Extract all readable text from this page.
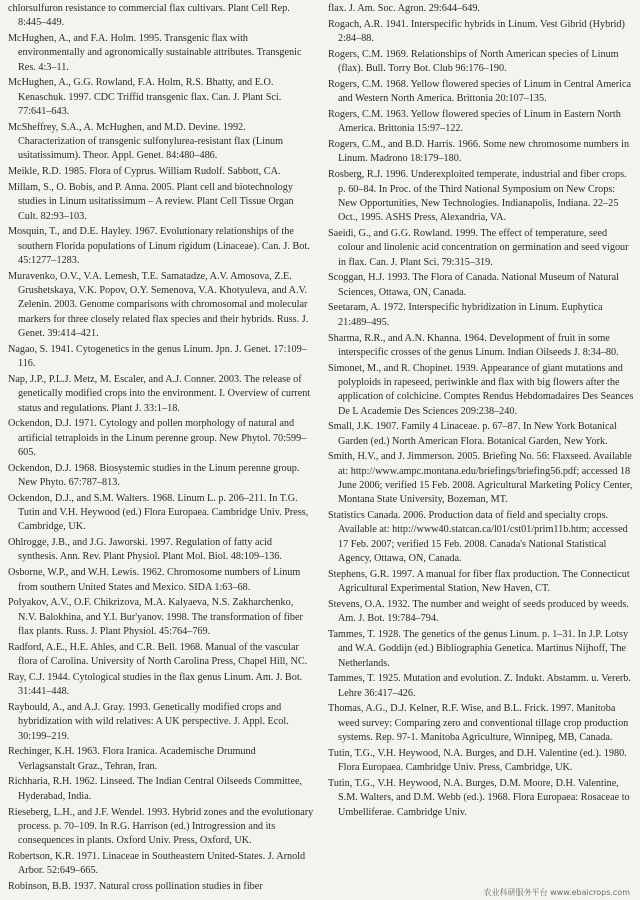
chlorsulfuron resistance to commercial flax cultivars. Plant Cell Rep. 8:445–449.

McHughen, A., and F.A. Holm. 1995. Transgenic flax with environmentally and agronomically sustainable attributes. Transgenic Res. 4:3–11.

McHughen, A., G.G. Rowland, F.A. Holm, R.S. Bhatty, and E.O. Kenaschuk. 1997. CDC Triffid transgenic flax. Can. J. Plant Sci. 77:641–643.

McSheffrey, S.A., A. McHughen, and M.D. Devine. 1992. Characterization of transgenic sulfonylurea-resistant flax (Linum usitatissimum). Theor. Appl. Genet. 84:480–486.

Meikle, R.D. 1985. Flora of Cyprus. William Rudolf. Sabbott, CA.

Millam, S., O. Bobis, and P. Anna. 2005. Plant cell and biotechnology studies in Linum usitatissimum – A review. Plant Cell Tissue Organ Cult. 82:93–103.

Mosquin, T., and D.E. Hayley. 1967. Evolutionary relationships of the southern Florida populations of Linum rigidum (Linaceae). Can. J. Bot. 45:1277–1283.

Muravenko, O.V., V.A. Lemesh, T.E. Samatadze, A.V. Amosova, Z.E. Grushetskaya, V.K. Popov, O.Y. Semenova, V.A. Khotyuleva, and A.V. Zelenin. 2003. Genome comparisons with chromosomal and molecular markers for three closely related flax species and their hybrids. Russ. J. Genet. 39:414–421.

Nagao, S. 1941. Cytogenetics in the genus Linum. Jpn. J. Genet. 17:109–116.

Nap, J.P., P.L.J. Metz, M. Escaler, and A.J. Conner. 2003. The release of genetically modified crops into the environment. I. Overview of current status and regulations. Plant J. 33:1–18.

Ockendon, D.J. 1971. Cytology and pollen morphology of natural and artificial tetraploids in the Linum perenne group. New Phytol. 70:599–605.

Ockendon, D.J. 1968. Biosystemic studies in the Linum perenne group. New Phyto. 67:787–813.

Ockendon, D.J., and S.M. Walters. 1968. Linum L. p. 206–211. In T.G. Tutin and V.H. Heywood (ed.) Flora Europaea. Cambridge Univ. Press, Cambridge, UK.

Ohlrogge, J.B., and J.G. Jaworski. 1997. Regulation of fatty acid synthesis. Ann. Rev. Plant Physiol. Plant Mol. Biol. 48:109–136.

Osborne, W.P., and W.H. Lewis. 1962. Chromosome numbers of Linum from southern United States and Mexico. SIDA 1:63–68.

Polyakov, A.V., O.F. Chikrizova, M.A. Kalyaeva, N.S. Zakharchenko, N.V. Balokhina, and Y.I. Bur'yanov. 1998. The transformation of fiber flax plants. Russ. J. Plant Physiol. 45:764–769.

Radford, A.E., H.E. Ahles, and C.R. Bell. 1968. Manual of the vascular flora of Carolina. University of North Carolina Press, Chapel Hill, NC.

Ray, C.J. 1944. Cytological studies in the flax genus Linum. Am. J. Bot. 31:441–448.

Raybould, A., and A.J. Gray. 1993. Genetically modified crops and hybridization with wild relatives: A UK perspective. J. Appl. Ecol. 30:199–219.

Rechinger, K.H. 1963. Flora Iranica. Academische Drumund Verlagsanstalt Graz., Tehran, Iran.

Richharia, R.H. 1962. Linseed. The Indian Central Oilseeds Committee, Hyderabad, India.

Rieseberg, L.H., and J.F. Wendel. 1993. Hybrid zones and the evolutionary process. p. 70–109. In R.G. Harrison (ed.) Introgression and its consequences in plants. Oxford Univ. Press, Oxford, UK.

Robertson, K.R. 1971. Linaceae in Southeastern United-States. J. Arnold Arbor. 52:649–665.

Robinson, B.B. 1937. Natural cross pollination studies in fiber

flax. J. Am. Soc. Agron. 29:644–649.

Rogach, A.R. 1941. Interspecific hybrids in Linum. Vest Gibrid (Hybrid) 2:84–88.

Rogers, C.M. 1969. Relationships of North American species of Linum (flax). Bull. Torry Bot. Club 96:176–190.

Rogers, C.M. 1968. Yellow flowered species of Linum in Central America and Western North America. Brittonia 20:107–135.

Rogers, C.M. 1963. Yellow flowered species of Linum in Eastern North America. Brittonia 15:97–122.

Rogers, C.M., and B.D. Harris. 1966. Some new chromosome numbers in Linum. Madrono 18:179–180.

Rosberg, R.J. 1996. Underexploited temperate, industrial and fiber crops. p. 60–84. In Proc. of the Third National Symposium on New Crops: New Opportunities, New Technologies. Indianapolis, Indiana. 22–25 Oct., 1995. ASHS Press, Alexandria, VA.

Saeidi, G., and G.G. Rowland. 1999. The effect of temperature, seed colour and linolenic acid concentration on germination and seed vigour in flax. Can. J. Plant Sci. 79:315–319.

Scoggan, H.J. 1993. The Flora of Canada. National Museum of Natural Sciences, Ottawa, ON, Canada.

Seetaram, A. 1972. Interspecific hybridization in Linum. Euphytica 21:489–495.

Sharma, R.R., and A.N. Khanna. 1964. Development of fruit in some interspecific crosses of the genus Linum. Indian Oilseeds J. 8:34–80.

Simonet, M., and R. Chopinet. 1939. Appearance of giant mutations and polyploids in rapeseed, periwinkle and flax with big flowers after the application of colchicine. Comptes Rendus Hebdomadaires Des Seances De L Academie Des Sciences 209:238–240.

Small, J.K. 1907. Family 4 Linaceae. p. 67–87. In New York Botanical Garden (ed.) North American Flora. Botanical Garden, New York.

Smith, H.V., and J. Jimmerson. 2005. Briefing No. 56: Flaxseed. Available at: http://www.ampc.montana.edu/briefings/briefing56.pdf; accessed 18 June 2006; verified 15 Feb. 2008. Agricultural Marketing Policy Center, Montana State University, Bozeman, MT.

Statistics Canada. 2006. Production data of field and specialty crops. Available at: http://www40.statcan.ca/l01/cst01/prim11b.htm; accessed 17 Feb. 2007; verified 15 Feb. 2008. Canada's National Statistical Agency, Ottawa, ON, Canada.

Stephens, G.R. 1997. A manual for fiber flax production. The Connecticut Agricultural Experimental Station, New Haven, CT.

Stevens, O.A. 1932. The number and weight of seeds produced by weeds. Am. J. Bot. 19:784–794.

Tammes, T. 1928. The genetics of the genus Linum. p. 1–31. In J.P. Lotsy and W.A. Goddijn (ed.) Bibliographia Genetica. Martinus Nijhoff, The Netherlands.

Tammes, T. 1925. Mutation and evolution. Z. Indukt. Abstamm. u. Vererb. Lehre 36:417–426.

Thomas, A.G., D.J. Kelner, R.F. Wise, and B.L. Frick. 1997. Manitoba weed survey: Comparing zero and conventional tillage crop production systems. Rep. 97-1. Manitoba Agriculture, Winnipeg, MB, Canada.

Tutin, T.G., V.H. Heywood, N.A. Burges, and D.H. Valentine (ed.). 1980. Flora Europaea. Cambridge Univ. Press, Cambridge, UK.

Tutin, T.G., V.H. Heywood, N.A. Burges, D.M. Moore, D.H. Valentine, S.M. Walters, and D.M. Webb (ed.). 1968. Flora Europaea: Rosaceae to Umbelliferae. Cambridge Univ.

农业科研服务平台 www.ebaicrops.com
